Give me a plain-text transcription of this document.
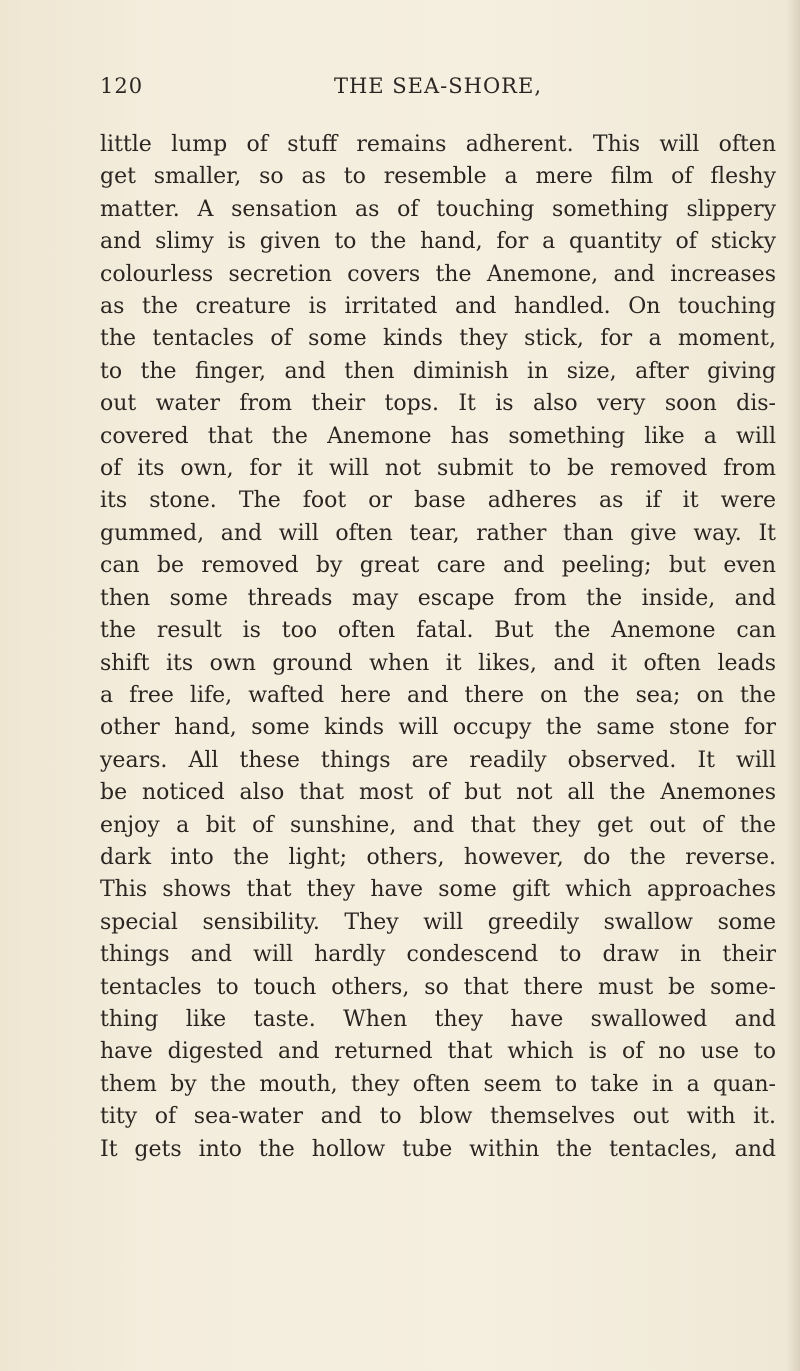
120	THE SEA-SHORE,
little lump of stuff remains adherent. This will often
get smaller, so as to resemble a mere film of fleshy
matter. A sensation as of touching something slippery
and slimy is given to the hand, for a quantity of sticky
colourless secretion covers the Anemone, and increases
as the creature is irritated and handled. On touching
the tentacles of some kinds they stick, for a moment,
to the finger, and then diminish in size, after giving
out water from their tops. It is also very soon dis-
covered that the Anemone has something like a will
of its own, for it will not submit to be removed from
its stone. The foot or base adheres as if it were
gummed, and will often tear, rather than give way. It
can be removed by great care and peeling; but even
then some threads may escape from the inside, and
the result is too often fatal. But the Anemone can
shift its own ground when it likes, and it often leads
a free life, wafted here and there on the sea; on the
other hand, some kinds will occupy the same stone for
years. All these things are readily observed. It will
be noticed also that most of but not all the Anemones
enjoy a bit of sunshine, and that they get out of the
dark into the light; others, however, do the reverse.
This shows that they have some gift which approaches
special sensibility. They will greedily swallow some
things and will hardly condescend to draw in their
tentacles to touch others, so that there must be some-
thing like taste. When they have swallowed and
have digested and returned that which is of no use to
them by the mouth, they often seem to take in a quan-
tity of sea-water and to blow themselves out with it.
It gets into the hollow tube within the tentacles, and
